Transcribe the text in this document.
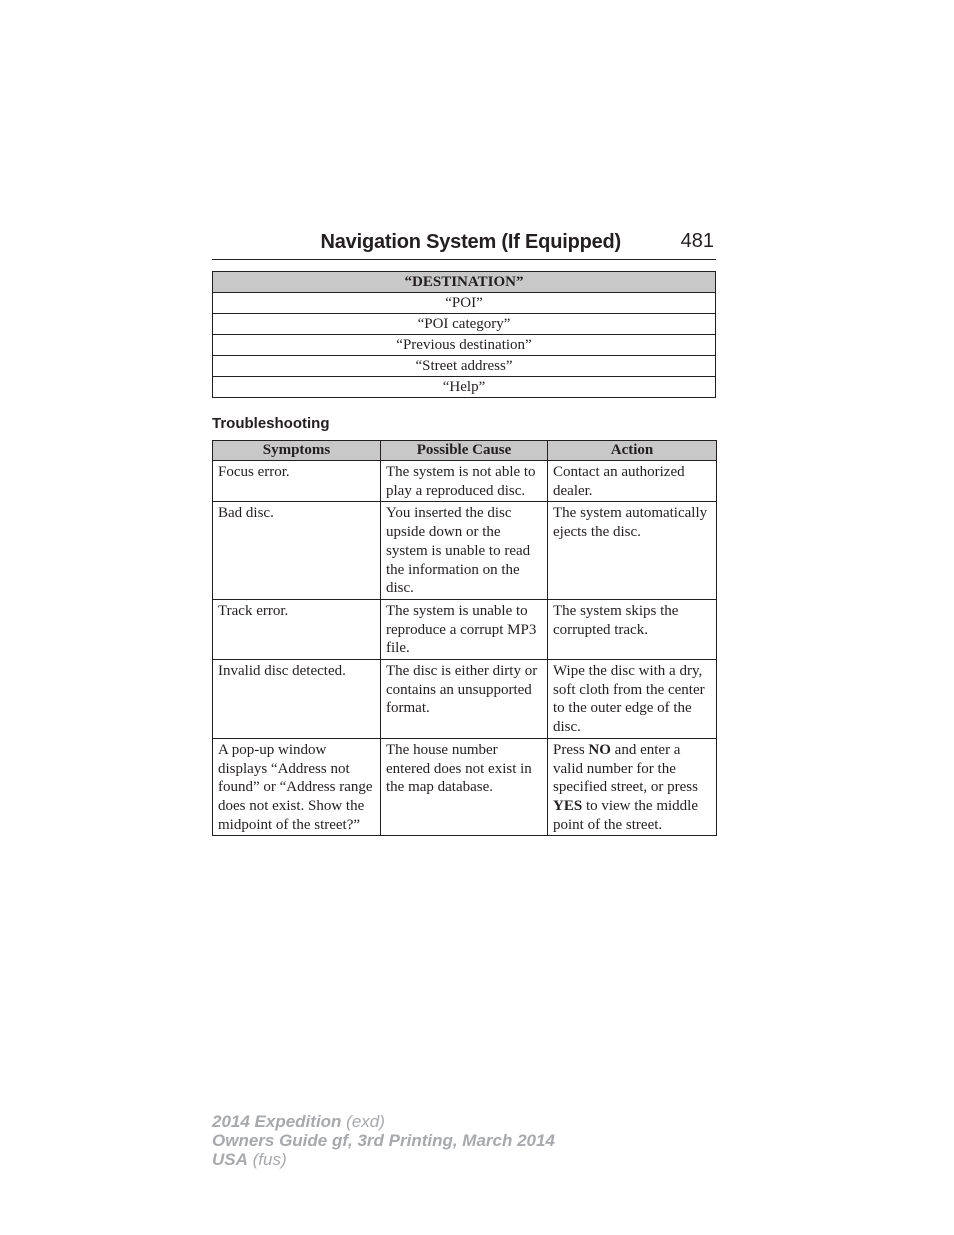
Navigation System (If Equipped)	481
“DESTINATION”
“POI”
“POI category”
“Previous destination”
“Street address”
“Help”
Troubleshooting
Symptoms	Possible Cause	Action
Focus error.	The system is not able to play a reproduced disc.	Contact an authorized dealer.
Bad disc.	You inserted the disc upside down or the system is unable to read the information on the disc.	The system automatically ejects the disc.
Track error.	The system is unable to reproduce a corrupt MP3 file.	The system skips the corrupted track.
Invalid disc detected.	The disc is either dirty or contains an unsupported format.	Wipe the disc with a dry, soft cloth from the center to the outer edge of the disc.
A pop-up window displays “Address not found” or “Address range does not exist. Show the midpoint of the street?”	The house number entered does not exist in the map database.	Press NO and enter a valid number for the specified street, or press YES to view the middle point of the street.
2014 Expedition (exd)
Owners Guide gf, 3rd Printing, March 2014
USA (fus)
